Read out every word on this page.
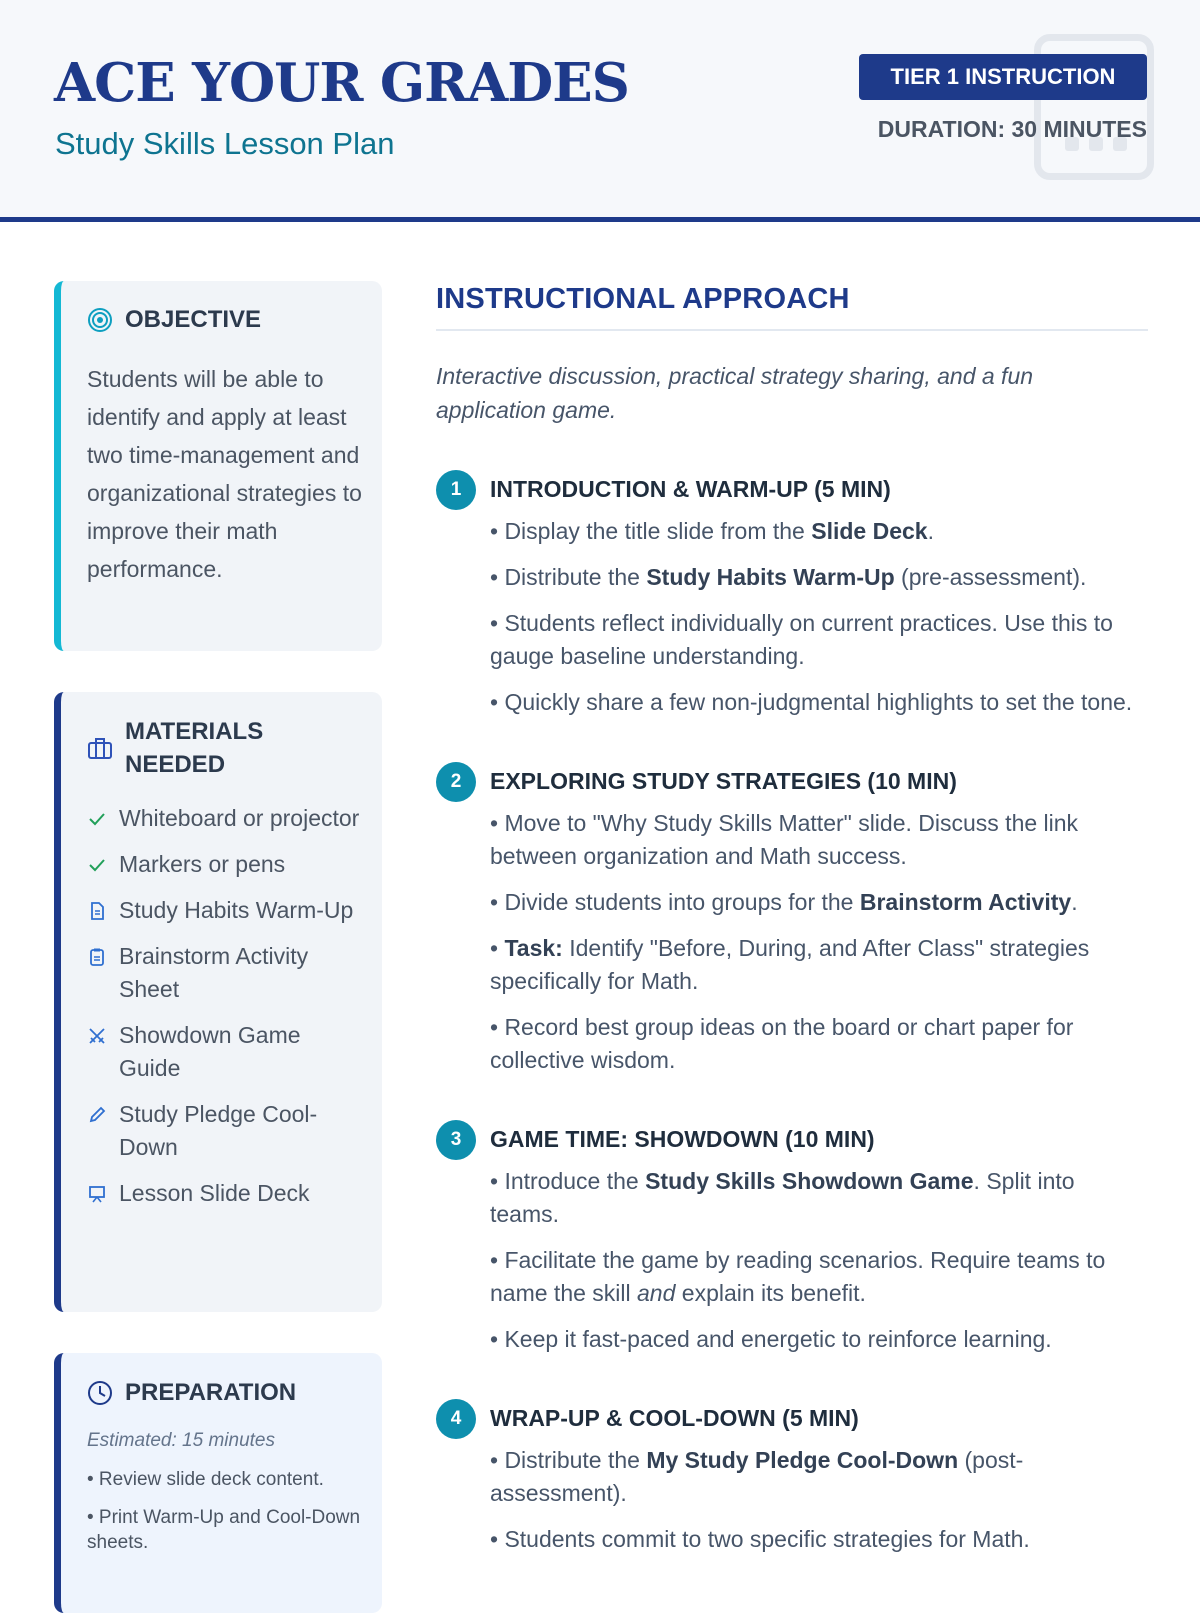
ACE YOUR GRADES
Study Skills Lesson Plan
TIER 1 INSTRUCTION
DURATION: 30 MINUTES
OBJECTIVE
Students will be able to identify and apply at least two time-management and organizational strategies to improve their math performance.
MATERIALS NEEDED
Whiteboard or projector
Markers or pens
Study Habits Warm-Up
Brainstorm Activity Sheet
Showdown Game Guide
Study Pledge Cool-Down
Lesson Slide Deck
PREPARATION
Estimated: 15 minutes
• Review slide deck content.
• Print Warm-Up and Cool-Down sheets.
INSTRUCTIONAL APPROACH
Interactive discussion, practical strategy sharing, and a fun application game.
1	INTRODUCTION & WARM-UP (5 MIN)
• Display the title slide from the Slide Deck.
• Distribute the Study Habits Warm-Up (pre-assessment).
• Students reflect individually on current practices. Use this to gauge baseline understanding.
• Quickly share a few non-judgmental highlights to set the tone.
2	EXPLORING STUDY STRATEGIES (10 MIN)
• Move to "Why Study Skills Matter" slide. Discuss the link between organization and Math success.
• Divide students into groups for the Brainstorm Activity.
• Task: Identify "Before, During, and After Class" strategies specifically for Math.
• Record best group ideas on the board or chart paper for collective wisdom.
3	GAME TIME: SHOWDOWN (10 MIN)
• Introduce the Study Skills Showdown Game. Split into teams.
• Facilitate the game by reading scenarios. Require teams to name the skill and explain its benefit.
• Keep it fast-paced and energetic to reinforce learning.
4	WRAP-UP & COOL-DOWN (5 MIN)
• Distribute the My Study Pledge Cool-Down (post-assessment).
• Students commit to two specific strategies for Math.
